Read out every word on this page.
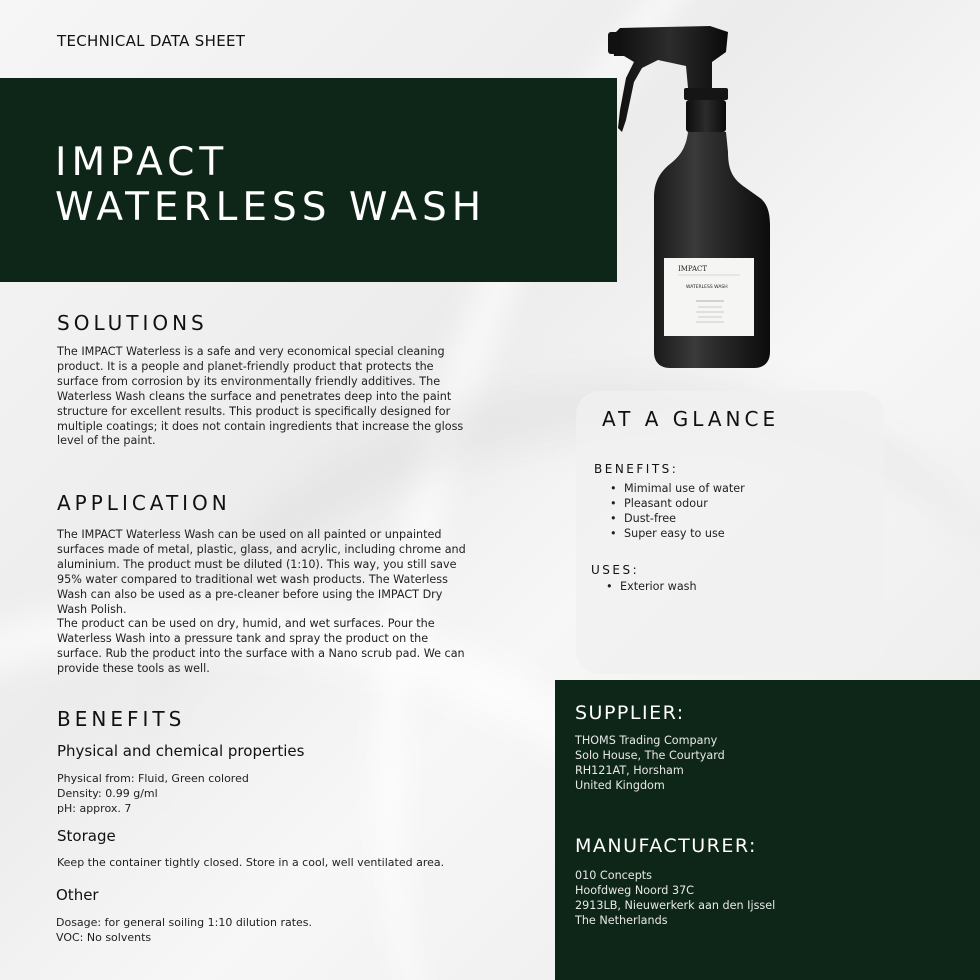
TECHNICAL DATA SHEET
IMPACT
WATERLESS WASH
IMPACT
WATERLESS WASH
SOLUTIONS
The IMPACT Waterless is a safe and very economical special cleaning product. It is a people and planet-friendly product that protects the surface from corrosion by its environmentally friendly additives. The Waterless Wash cleans the surface and penetrates deep into the paint structure for excellent results. This product is specifically designed for multiple coatings; it does not contain ingredients that increase the gloss level of the paint.
APPLICATION

The IMPACT Waterless Wash can be used on all painted or unpainted surfaces made of metal, plastic, glass, and acrylic, including chrome and aluminium. The product must be diluted (1:10). This way, you still save 95% water compared to traditional wet wash products. The Waterless Wash can also be used as a pre-cleaner before using the IMPACT Dry Wash Polish.

The product can be used on dry, humid, and wet surfaces. Pour the Waterless Wash into a pressure tank and spray the product on the surface. Rub the product into the surface with a Nano scrub pad. We can provide these tools as well.

BENEFITS
Physical and chemical properties
Physical from: Fluid, Green colored
Density: 0.99 g/ml
pH: approx. 7
Storage
Keep the container tightly closed. Store in a cool, well ventilated area.
Other
Dosage: for general soiling 1:10 dilution rates.
VOC: No solvents
AT A GLANCE
BENEFITS:
• Mimimal use of water
• Pleasant odour
• Dust-free
• Super easy to use
USES:
• Exterior wash
SUPPLIER:
THOMS Trading Company
Solo House, The Courtyard
RH121AT, Horsham
United Kingdom
MANUFACTURER:
010 Concepts
Hoofdweg Noord 37C
2913LB, Nieuwerkerk aan den Ijssel
The Netherlands
